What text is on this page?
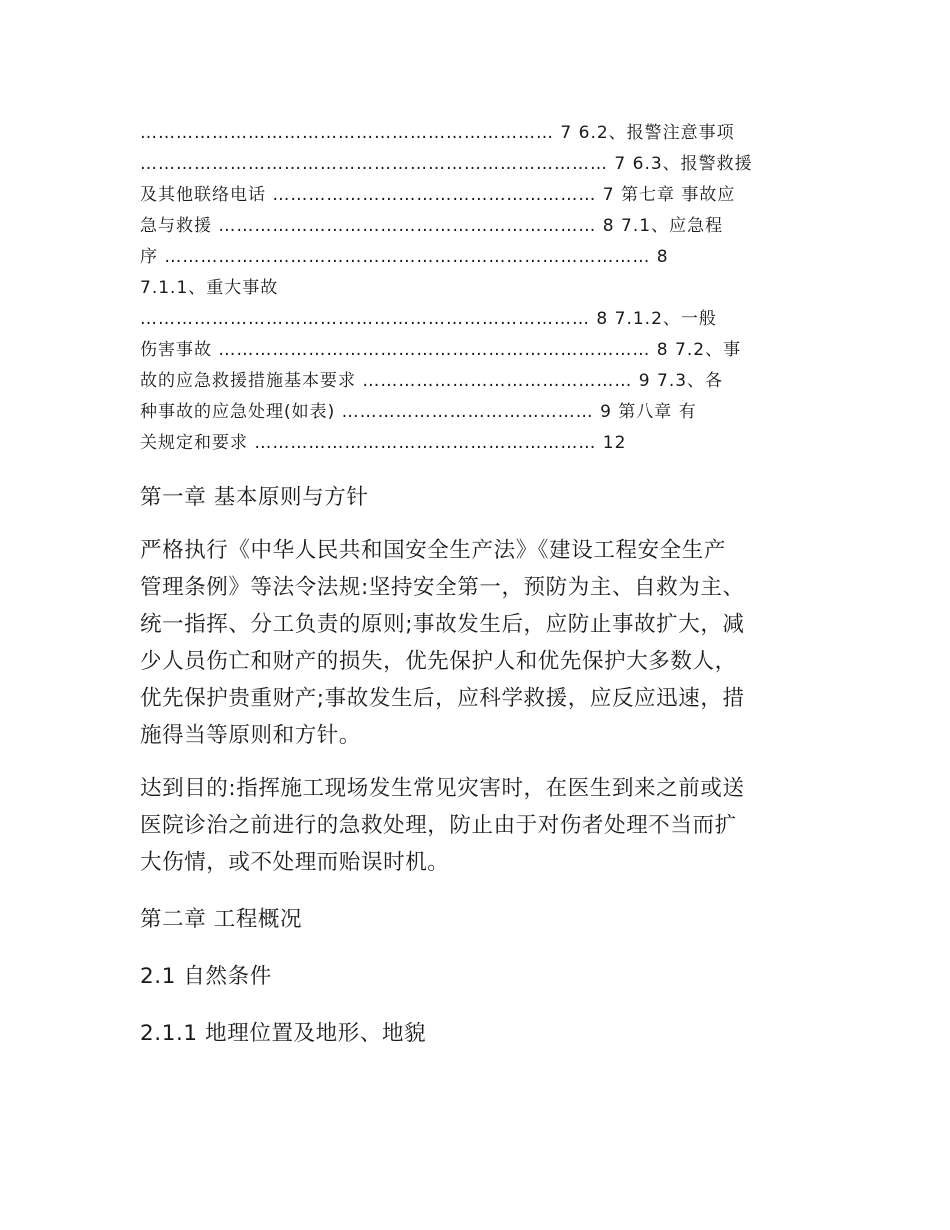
…………………………………………………………… 7 6.2、报警注意事项
…………………………………………………………………… 7 6.3、报警救援
及其他联络电话 ……………………………………………… 7 第七章 事故应
急与救援 ……………………………………………………… 8 7.1、应急程
序 ……………………………………………………………………… 8
7.1.1、重大事故
………………………………………………………………… 8 7.1.2、一般
伤害事故 ……………………………………………………………… 8 7.2、事
故的应急救援措施基本要求 ……………………………………… 9 7.3、各
种事故的应急处理(如表) …………………………………… 9 第八章 有
关规定和要求 ………………………………………………… 12
第一章 基本原则与方针
严格执行《中华人民共和国安全生产法》《建设工程安全生产
管理条例》等法令法规:坚持安全第一，预防为主、自救为主、
统一指挥、分工负责的原则;事故发生后，应防止事故扩大，减
少人员伤亡和财产的损失，优先保护人和优先保护大多数人，
优先保护贵重财产;事故发生后，应科学救援，应反应迅速，措
施得当等原则和方针。
达到目的:指挥施工现场发生常见灾害时，在医生到来之前或送
医院诊治之前进行的急救处理，防止由于对伤者处理不当而扩
大伤情，或不处理而贻误时机。
第二章 工程概况
2.1 自然条件
2.1.1 地理位置及地形、地貌
